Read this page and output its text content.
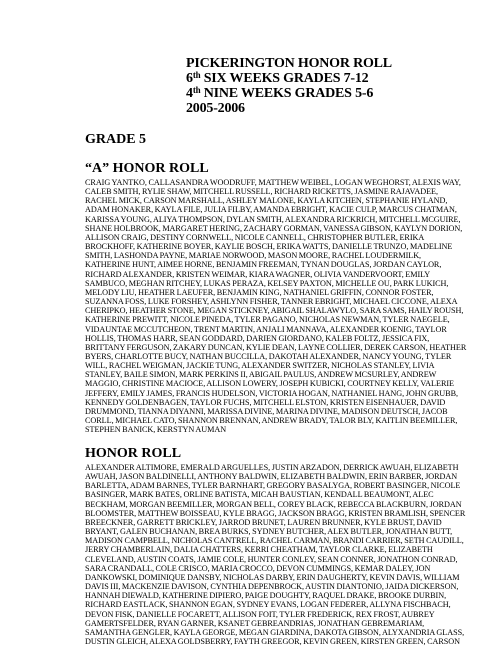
PICKERINGTON HONOR ROLL
6th SIX WEEKS GRADES 7-12
4th NINE WEEKS GRADES 5-6
2005-2006
GRADE 5
“A” HONOR ROLL
CRAIG YANTKO, CALLASANDRA WOODRUFF, MATTHEW WEIBEL, LOGAN WEGHORST, ALEXIS WAY,
CALEB SMITH, RYLIE SHAW, MITCHELL RUSSELL, RICHARD RICKETTS, JASMINE RAJAVADEE,
RACHEL MICK, CARSON MARSHALL, ASHLEY MALONE, KAYLA KITCHEN, STEPHANIE HYLAND,
ADAM HONAKER, KAYLA FILE, JULIA FILBY, AMANDA EBRIGHT, KACIE CULP, MARCUS CHATMAN,
KARISSA YOUNG, ALIYA THOMPSON, DYLAN SMITH, ALEXANDRA RICKRICH, MITCHELL MCGUIRE,
SHANE HOLBROOK, MARGARET HERING, ZACHARY GORMAN, VANESSA GIBSON, KAYLYN DORION,
ALLISON CRAIG, DESTINY CORNWELL, NICOLE CANNELL, CHRISTOPHER BUTLER, ERIKA
BROCKHOFF, KATHERINE BOYER, KAYLIE BOSCH, ERIKA WATTS, DANIELLE TRUNZO, MADELINE
SMITH, LASHONDA PAYNE, MARIAE NORWOOD, MASON MOORE, RACHEL LOUDERMILK,
KATHERINE HUNT, AIMEE HORNE, BENJAMIN FREEMAN, TYNAN DOUGLAS, JORDAN CAYLOR,
RICHARD ALEXANDER, KRISTEN WEIMAR, KIARA WAGNER, OLIVIA VANDERVOORT, EMILY
SAMBUCO, MEGHAN RITCHEY, LUKAS PERAZA, KELSEY PAXTON, MICHELLE OU, PARK LUKICH,
MELODY LIU, HEATHER LAEUFER, BENJAMIN KING, NATHANIEL GRIFFIN, CONNOR FOSTER,
SUZANNA FOSS, LUKE FORSHEY, ASHLYNN FISHER, TANNER EBRIGHT, MICHAEL CICCONE, ALEXA
CHERIPKO, HEATHER STONE, MEGAN STICKNEY, ABIGAIL SHALAWYLO, SARA SAMS, HAILY ROUSH,
KATHERINE PREWITT, NICOLE PINEDA, TYLER PAGANO, NICHOLAS NEWMAN, TYLER NAEGELE,
VIDAUNTAE MCCUTCHEON, TRENT MARTIN, ANJALI MANNAVA, ALEXANDER KOENIG, TAYLOR
HOLLIS, THOMAS HARR, SEAN GODDARD, DARIEN GIORDANO, KALEB FOLTZ, JESSICA FIX,
BRITTANY FERGUSON, ZAKARY DUNCAN, KYLIE DEAN, LAYNE COLLIER, DEREK CARSON, HEATHER
BYERS, CHARLOTTE BUCY, NATHAN BUCCILLA, DAKOTAH ALEXANDER, NANCY YOUNG, TYLER
WILL, RACHEL WEIGMAN, JACKIE TUNG, ALEXANDER SWITZER, NICHOLAS STANLEY, LIVIA
STANLEY, BAILE SIMON, MARK PERKINS II, ABIGAIL PAULUS, ANDREW MCSURLEY, ANDREW
MAGGIO, CHRISTINE MACIOCE, ALLISON LOWERY, JOSEPH KUBICKI, COURTNEY KELLY, VALERIE
JEFFERY, EMILY JAMES, FRANCIS HUDELSON, VICTORIA HOGAN, NATHANIEL HANG, JOHN GRUBB,
KENNEDY GOLDENBAGEN, TAYLOR FUCHS, MITCHELL ELSTON, KRISTEN EISENHAUER, DAVID
DRUMMOND, TIANNA DIYANNI, MARISSA DIVINE, MARINA DIVINE, MADISON DEUTSCH, JACOB
CORLL, MICHAEL CATO, SHANNON BRENNAN, ANDREW BRADY, TALOR BLY, KAITLIN BEEMILLER,
STEPHEN BANICK, KERSTYN AUMAN
HONOR ROLL
ALEXANDER ALTIMORE, EMERALD ARGUELLES, JUSTIN ARZADON, DERRICK AWUAH, ELIZABETH
AWUAH, JASON BALDINELLI, ANTHONY BALDWIN, ELIZABETH BALDWIN, ERIN BARBER, JORDAN
BARLETTA, ADAM BARNES, TYLER BARNHART, GREGORY BASALYGA, ROBERT BASINGER, NICOLE
BASINGER, MARK BATES, ORLINE BATISTA, MICAH BAUSTIAN, KENDALL BEAUMONT, ALEC
BECKHAM, MORGAN BEEMILLER, MORGAN BELL, COREY BLACK, REBECCA BLACKBURN, JORDAN
BLOOMSTER, MATTHEW BOISSEAU, KYLE BRAGG, JACKSON BRAGG, KRISTEN BRAMLISH, SPENCER
BREECKNER, GARRETT BRICKLEY, JARROD BRUNET, LAUREN BRUNNER, KYLE BRUST, DAVID
BRYANT, GALEN BUCHANAN, BREA BURKS, SYDNEY BUTCHER, ALEX BUTLER, JONATHAN BUTT,
MADISON CAMPBELL, NICHOLAS CANTRELL, RACHEL CARMAN, BRANDI CARRIER, SETH CAUDILL,
JERRY CHAMBERLAIN, DALIA CHATTERS, KERRI CHEATHAM, TAYLOR CLARKE, ELIZABETH
CLEVELAND, AUSTIN COATS, JAMIE COLE, HUNTER CONLEY, SEAN CONNER, JONATHON CONRAD,
SARA CRANDALL, COLE CRISCO, MARIA CROCCO, DEVON CUMMINGS, KEMAR DALEY, JON
DANKOWSKI, DOMINIQUE DANSBY, NICHOLAS DARBY, ERIN DAUGHERTY, KEVIN DAVIS, WILLIAM
DAVIS III, MACKENZIE DAVISON, CYNTHIA DEPENBROCK, AUSTIN DIANTONIO, JAIDA DICKERSON,
HANNAH DIEWALD, KATHERINE DIPIERO, PAIGE DOUGHTY, RAQUEL DRAKE, BROOKE DURBIN,
RICHARD EASTLACK, SHANNON EGAN, SYDNEY EVANS, LOGAN FEDERER, ALLYNA FISCHBACH,
DEVON FISK, DANIELLE FOCARETT, ALLISON FOIT, TYLER FREDERICK, REX FROST, AUBREY
GAMERTSFELDER, RYAN GARNER, KSANET GEBREANDRIAS, JONATHAN GEBREMARIAM,
SAMANTHA GENGLER, KAYLA GEORGE, MEGAN GIARDINA, DAKOTA GIBSON, ALYXANDRIA GLASS,
DUSTIN GLEICH, ALEXA GOLDSBERRY, FAYTH GREEGOR, KEVIN GREEN, KIRSTEN GREEN, CARSON
